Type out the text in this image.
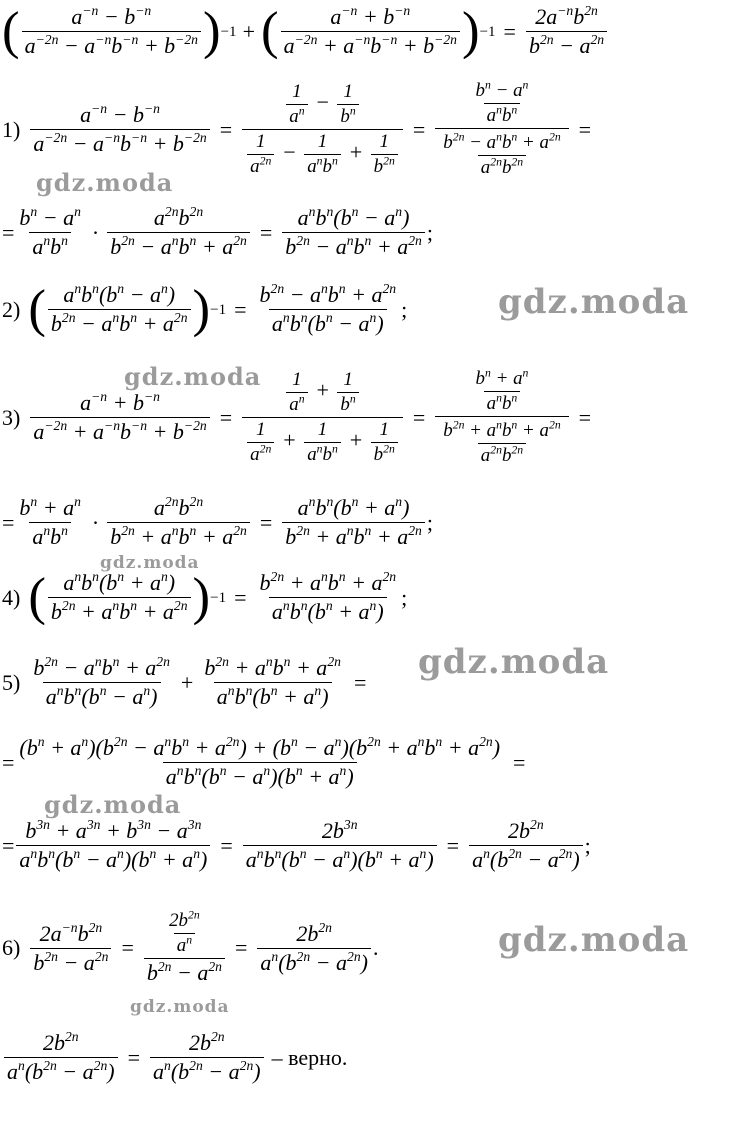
( $\frac{a^{-n} - b^{-n}}{a^{-2n} - a^{-n}b^{-n} + b^{-2n}}$ ) −1 + ( $\frac{a^{-n} + b^{-n}}{a^{-2n} + a^{-n}b^{-n} + b^{-2n}}$ ) $-1 = \frac{2a^{-n}b^{2n}}{b^{2n} - a^{2n}}$
$1) \frac{a^{-n} - b^{-n}}{a^{-2n} - a^{-n}b^{-n} + b^{-2n}} = \frac{\frac{1}{a^n} - \frac{1}{b^n}}{\frac{1}{a^{2n}} - \frac{1}{a^nb^n} + \frac{1}{b^{2n}}} = \frac{\frac{b^n - a^n}{a^nb^n}}{\frac{b^{2n} - a^nb^n + a^{2n}}{a^{2n}b^{2n}}}$ =
= $\frac{b^n - a^n}{a^nb^n} \cdot \frac{a^{2n}b^{2n}}{b^{2n} - a^nb^n + a^{2n}} = \frac{a^nb^n(b^n - a^n)}{b^{2n} - a^nb^n + a^{2n}}$ ;
2) ( $\frac{a^nb^n(b^n - a^n)}{b^{2n} - a^nb^n + a^{2n}}$ ) $-1 = \frac{b^{2n} - a^nb^n + a^{2n}}{a^nb^n(b^n - a^n)}$ ;
$3) \frac{a^{-n} + b^{-n}}{a^{-2n} + a^{-n}b^{-n} + b^{-2n}} = \frac{\frac{1}{a^n} + \frac{1}{b^n}}{\frac{1}{a^{2n}} + \frac{1}{a^nb^n} + \frac{1}{b^{2n}}} = \frac{\frac{b^n + a^n}{a^nb^n}}{\frac{b^{2n} + a^nb^n + a^{2n}}{a^{2n}b^{2n}}}$ =
= $\frac{b^n + a^n}{a^nb^n} \cdot \frac{a^{2n}b^{2n}}{b^{2n} + a^nb^n + a^{2n}} = \frac{a^nb^n(b^n + a^n)}{b^{2n} + a^nb^n + a^{2n}}$ ;
4) ( $\frac{a^nb^n(b^n + a^n)}{b^{2n} + a^nb^n + a^{2n}}$ ) $-1 = \frac{b^{2n} + a^nb^n + a^{2n}}{a^nb^n(b^n + a^n)}$ ;
$5) \frac{b^{2n} - a^nb^n + a^{2n}}{a^nb^n(b^n - a^n)} + \frac{b^{2n} + a^nb^n + a^{2n}}{a^nb^n(b^n + a^n)}$ =
= $\frac{(b^n + a^n)(b^{2n} - a^nb^n + a^{2n}) + (b^n - a^n)(b^{2n} + a^nb^n + a^{2n})}{a^nb^n(b^n - a^n)(b^n + a^n)}$ =
= $\frac{b^{3n} + a^{3n} + b^{3n} - a^{3n}}{a^nb^n(b^n - a^n)(b^n + a^n)} = \frac{2b^{3n}}{a^nb^n(b^n - a^n)(b^n + a^n)} = \frac{2b^{2n}}{a^n(b^{2n} - a^{2n})}$ ;
$6) \frac{2a^{-n}b^{2n}}{b^{2n} - a^{2n}} = \frac{\frac{2b^{2n}}{a^n}}{b^{2n} - a^{2n}} = \frac{2b^{2n}}{a^n(b^{2n} - a^{2n})}$ .
$\frac{2b^{2n}}{a^n(b^{2n} - a^{2n})} = \frac{2b^{2n}}{a^n(b^{2n} - a^{2n})}$ – верно.
gdz.moda
gdz.moda
gdz.moda
gdz.moda
gdz.moda
gdz.moda
gdz.moda
gdz.moda
